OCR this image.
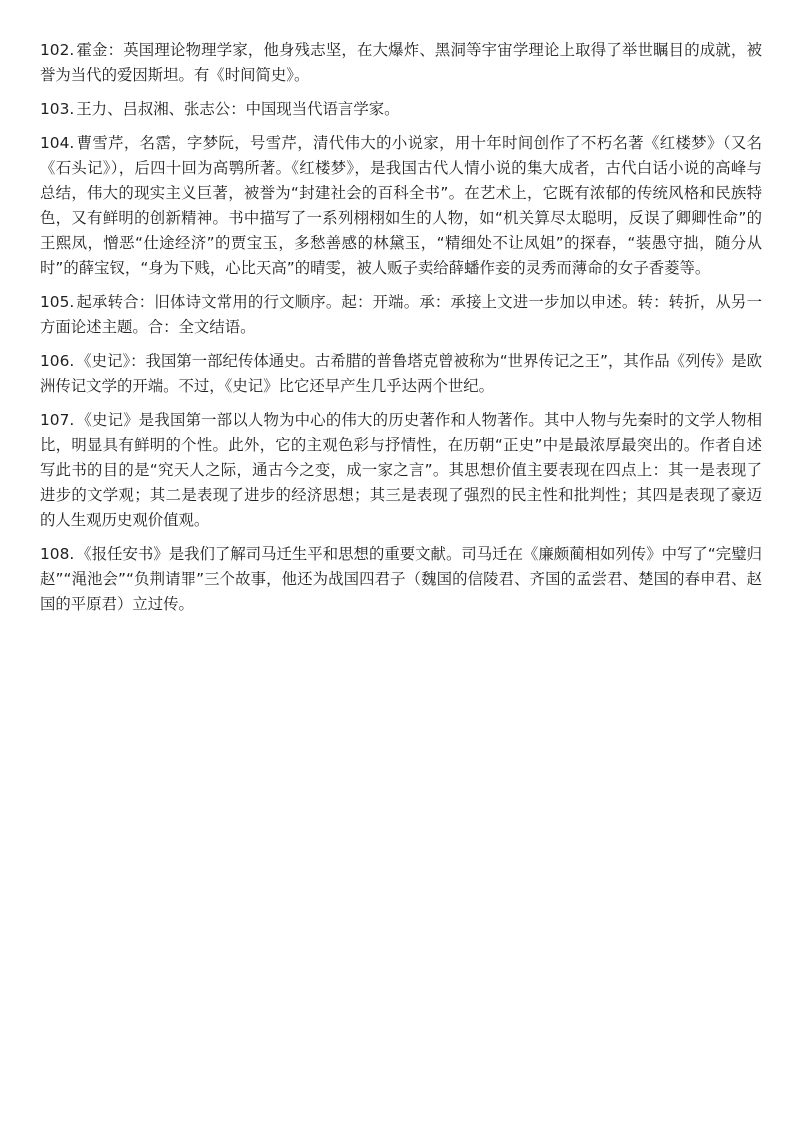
102. 霍金：英国理论物理学家，他身残志坚，在大爆炸、黑洞等宇宙学理论上取得了举世瞩目的成就，被誉为当代的爱因斯坦。有《时间简史》。

103. 王力、吕叔湘、张志公：中国现当代语言学家。

104. 曹雪芹，名霑，字梦阮，号雪芹，清代伟大的小说家，用十年时间创作了不朽名著《红楼梦》（又名《石头记》），后四十回为高鹗所著。《红楼梦》，是我国古代人情小说的集大成者，古代白话小说的高峰与总结，伟大的现实主义巨著，被誉为“封建社会的百科全书”。在艺术上，它既有浓郁的传统风格和民族特色，又有鲜明的创新精神。书中描写了一系列栩栩如生的人物，如“机关算尽太聪明，反误了卿卿性命”的王熙凤，憎恶“仕途经济”的贾宝玉，多愁善感的林黛玉，“精细处不让凤姐”的探春，“装愚守拙，随分从时”的薛宝钗，“身为下贱，心比天高”的晴雯，被人贩子卖给薛蟠作妾的灵秀而薄命的女子香菱等。

105. 起承转合：旧体诗文常用的行文顺序。起：开端。承：承接上文进一步加以申述。转：转折，从另一方面论述主题。合：全文结语。

106. 《史记》：我国第一部纪传体通史。古希腊的普鲁塔克曾被称为“世界传记之王”，其作品《列传》是欧洲传记文学的开端。不过，《史记》比它还早产生几乎达两个世纪。

107. 《史记》是我国第一部以人物为中心的伟大的历史著作和人物著作。其中人物与先秦时的文学人物相比，明显具有鲜明的个性。此外，它的主观色彩与抒情性，在历朝“正史”中是最浓厚最突出的。作者自述写此书的目的是“究天人之际，通古今之变，成一家之言”。其思想价值主要表现在四点上：其一是表现了进步的文学观；其二是表现了进步的经济思想；其三是表现了强烈的民主性和批判性；其四是表现了豪迈的人生观历史观价值观。

108. 《报任安书》是我们了解司马迁生平和思想的重要文献。司马迁在《廉颇蔺相如列传》中写了“完璧归赵”“渑池会”“负荆请罪”三个故事，他还为战国四君子（魏国的信陵君、齐国的孟尝君、楚国的春申君、赵国的平原君）立过传。
